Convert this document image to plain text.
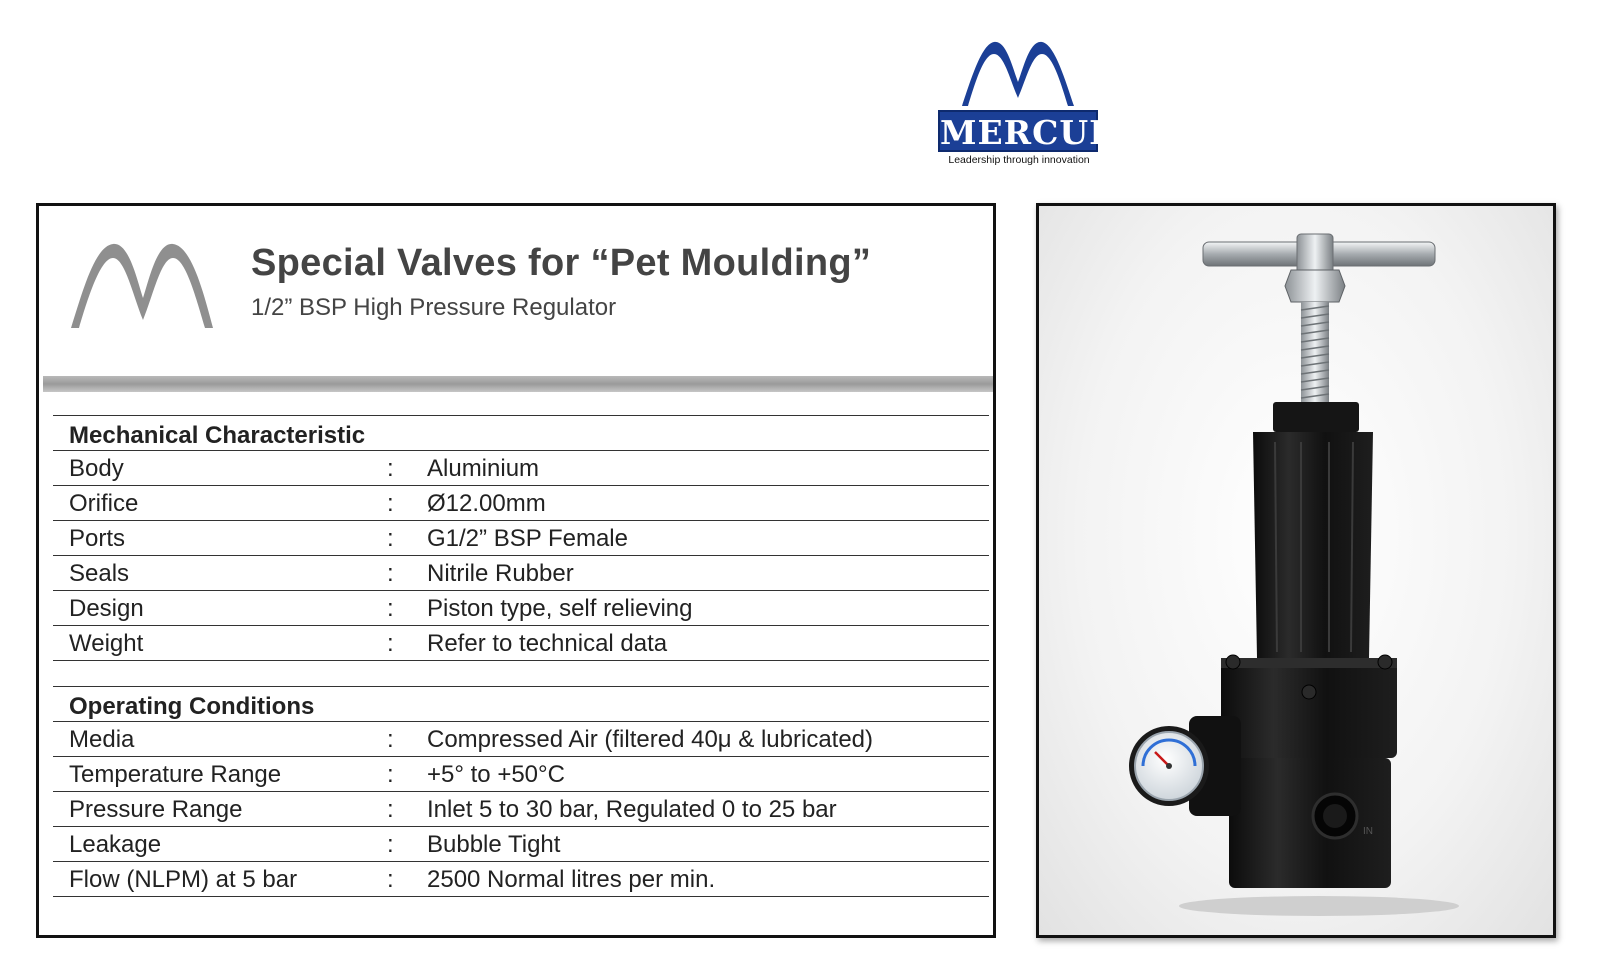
MERCURY
Leadership through innovation
Special Valves for “Pet Moulding”
1/2” BSP High Pressure Regulator
Mechanical Characteristic
Body	: Aluminium
Orifice	: Ø12.00mm
Ports	: G1/2” BSP Female
Seals	: Nitrile Rubber
Design	: Piston type, self relieving
Weight	: Refer to technical data
Operating Conditions
Media	: Compressed Air (filtered 40μ & lubricated)
Temperature Range	: +5° to +50°C
Pressure Range	: Inlet 5 to 30 bar, Regulated 0 to 25 bar
Leakage	: Bubble Tight
Flow (NLPM) at 5 bar	: 2500 Normal litres per min.
IN
